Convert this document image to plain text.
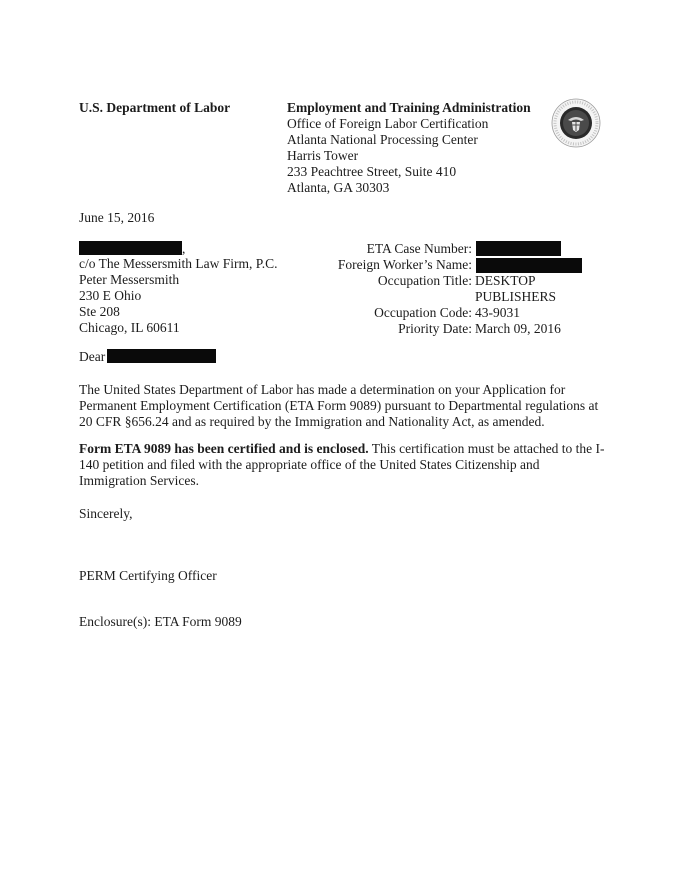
U.S. Department of Labor	Employment and Training Administration
Office of Foreign Labor Certification
Atlanta National Processing Center
Harris Tower
233 Peachtree Street, Suite 410
Atlanta, GA 30303
June 15, 2016
,
c/o The Messersmith Law Firm, P.C.
Peter Messersmith
230 E Ohio
Ste 208
Chicago, IL 60611
ETA Case Number:
Foreign Worker’s Name:
Occupation Title: DESKTOP
PUBLISHERS
Occupation Code: 43-9031
Priority Date: March 09, 2016
Dear
The United States Department of Labor has made a determination on your Application for Permanent Employment Certification (ETA Form 9089) pursuant to Departmental regulations at 20 CFR §656.24 and as required by the Immigration and Nationality Act, as amended.
Form ETA 9089 has been certified and is enclosed. This certification must be attached to the I-140 petition and filed with the appropriate office of the United States Citizenship and Immigration Services.
Sincerely,
PERM Certifying Officer
Enclosure(s): ETA Form 9089
